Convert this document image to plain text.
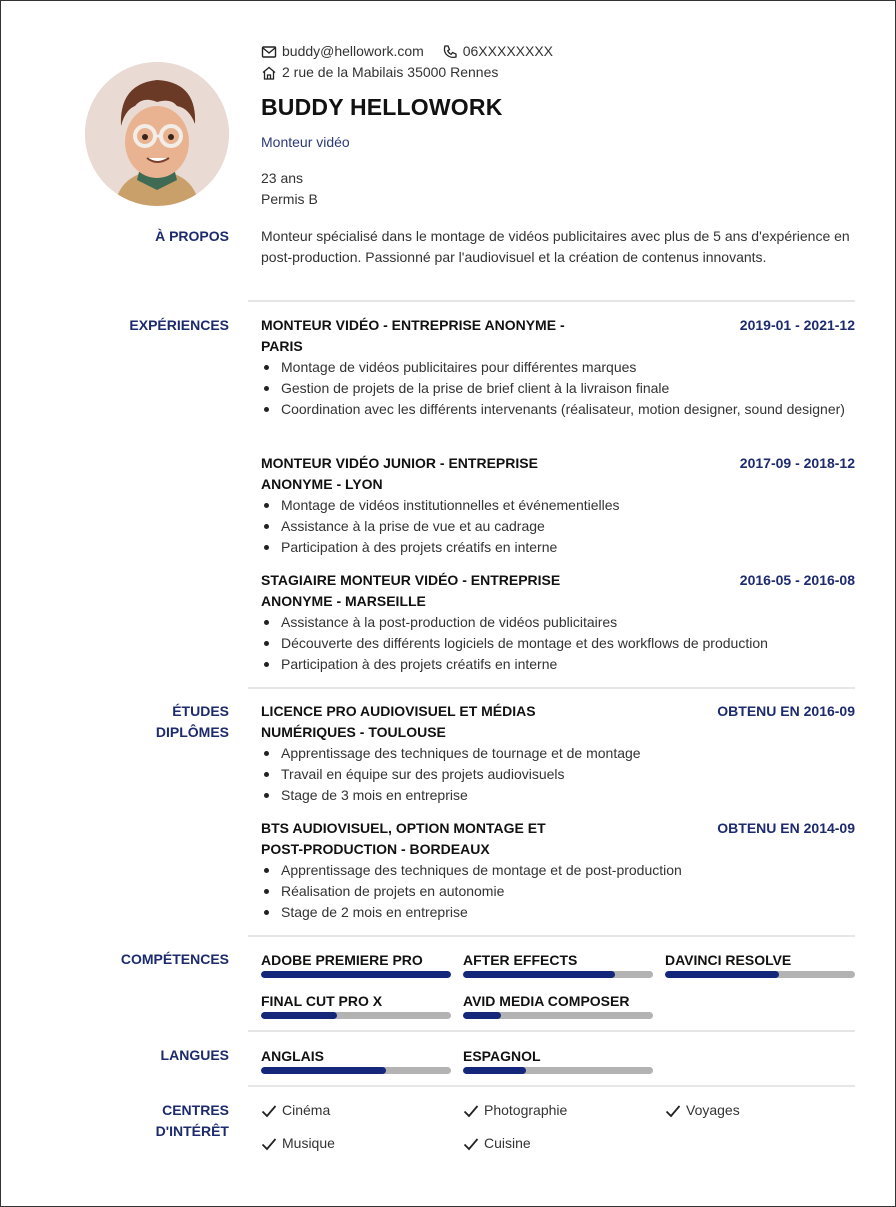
buddy@hellowork.com
	06XXXXXXXX
2 rue de la Mabilais 35000 Rennes
BUDDY HELLOWORK
Monteur vidéo
23 ans
Permis B
À PROPOS Monteur spécialisé dans le montage de vidéos publicitaires avec plus de 5 ans d'expérience en post-production. Passionné par l'audiovisuel et la création de contenus innovants.
EXPÉRIENCES MONTEUR VIDÉO - ENTREPRISE ANONYME - PARIS
2019-01 - 2021-12
Montage de vidéos publicitaires pour différentes marques
Gestion de projets de la prise de brief client à la livraison finale
Coordination avec les différents intervenants (réalisateur, motion designer, sound designer)
MONTEUR VIDÉO JUNIOR - ENTREPRISE ANONYME - LYON
2017-09 - 2018-12
Montage de vidéos institutionnelles et événementielles
Assistance à la prise de vue et au cadrage
Participation à des projets créatifs en interne
STAGIAIRE MONTEUR VIDÉO - ENTREPRISE ANONYME - MARSEILLE
2016-05 - 2016-08
Assistance à la post-production de vidéos publicitaires
Découverte des différents logiciels de montage et des workflows de production
Participation à des projets créatifs en interne
ÉTUDES
DIPLÔMES
LICENCE PRO AUDIOVISUEL ET MÉDIAS NUMÉRIQUES - TOULOUSE
OBTENU EN 2016-09
Apprentissage des techniques de tournage et de montage
Travail en équipe sur des projets audiovisuels
Stage de 3 mois en entreprise
BTS AUDIOVISUEL, OPTION MONTAGE ET POST-PRODUCTION - BORDEAUX
OBTENU EN 2014-09
Apprentissage des techniques de montage et de post-production
Réalisation de projets en autonomie
Stage de 2 mois en entreprise
COMPÉTENCES ADOBE PREMIERE PRO	AFTER EFFECTS	DAVINCI RESOLVE
FINAL CUT PRO X	AVID MEDIA COMPOSER
LANGUES ANGLAIS	ESPAGNOL
CENTRES
D'INTÉRÊT
Cinéma	Photographie	Voyages
Musique	Cuisine
